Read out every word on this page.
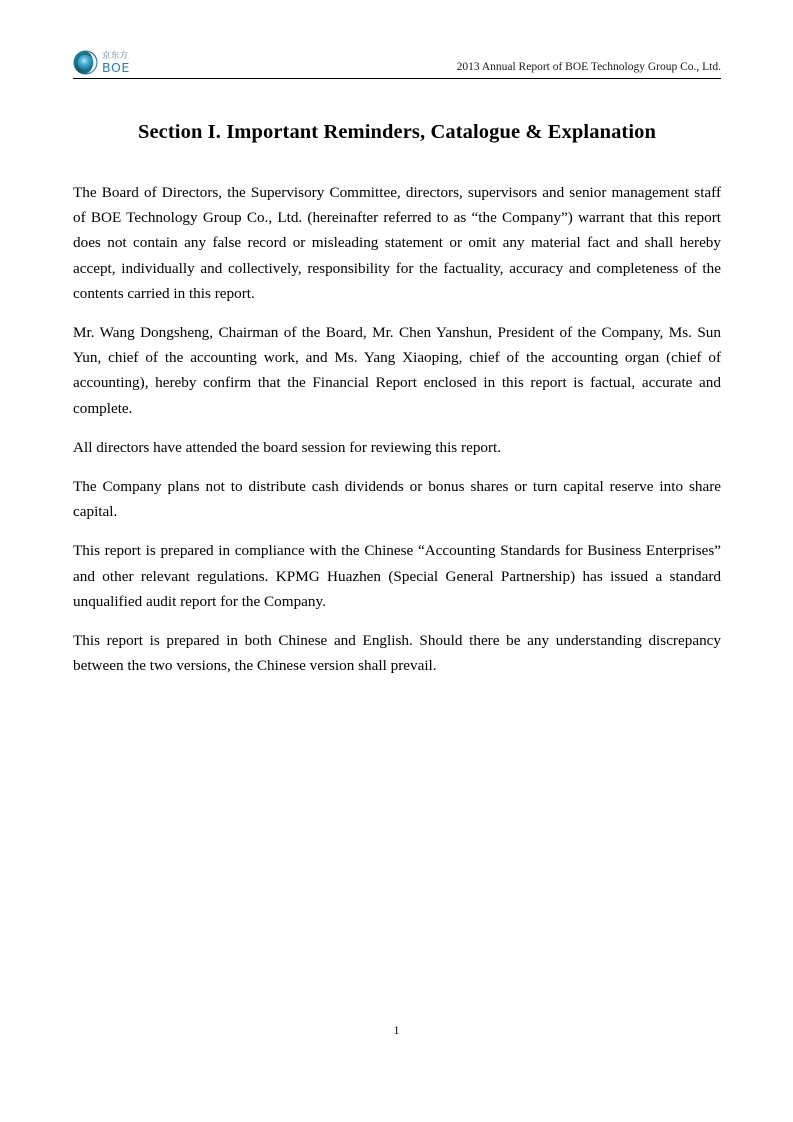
京东方
BOE	2013 Annual Report of BOE Technology Group Co., Ltd.
Section I. Important Reminders, Catalogue & Explanation

The Board of Directors, the Supervisory Committee, directors, supervisors and senior management staff of BOE Technology Group Co., Ltd. (hereinafter referred to as “the Company”) warrant that this report does not contain any false record or misleading statement or omit any material fact and shall hereby accept, individually and collectively, responsibility for the factuality, accuracy and completeness of the contents carried in this report.

Mr. Wang Dongsheng, Chairman of the Board, Mr. Chen Yanshun, President of the Company, Ms. Sun Yun, chief of the accounting work, and Ms. Yang Xiaoping, chief of the accounting organ (chief of accounting), hereby confirm that the Financial Report enclosed in this report is factual, accurate and complete.

All directors have attended the board session for reviewing this report.

The Company plans not to distribute cash dividends or bonus shares or turn capital reserve into share capital.

This report is prepared in compliance with the Chinese “Accounting Standards for Business Enterprises” and other relevant regulations. KPMG Huazhen (Special General Partnership) has issued a standard unqualified audit report for the Company.

This report is prepared in both Chinese and English. Should there be any understanding discrepancy between the two versions, the Chinese version shall prevail.

1
